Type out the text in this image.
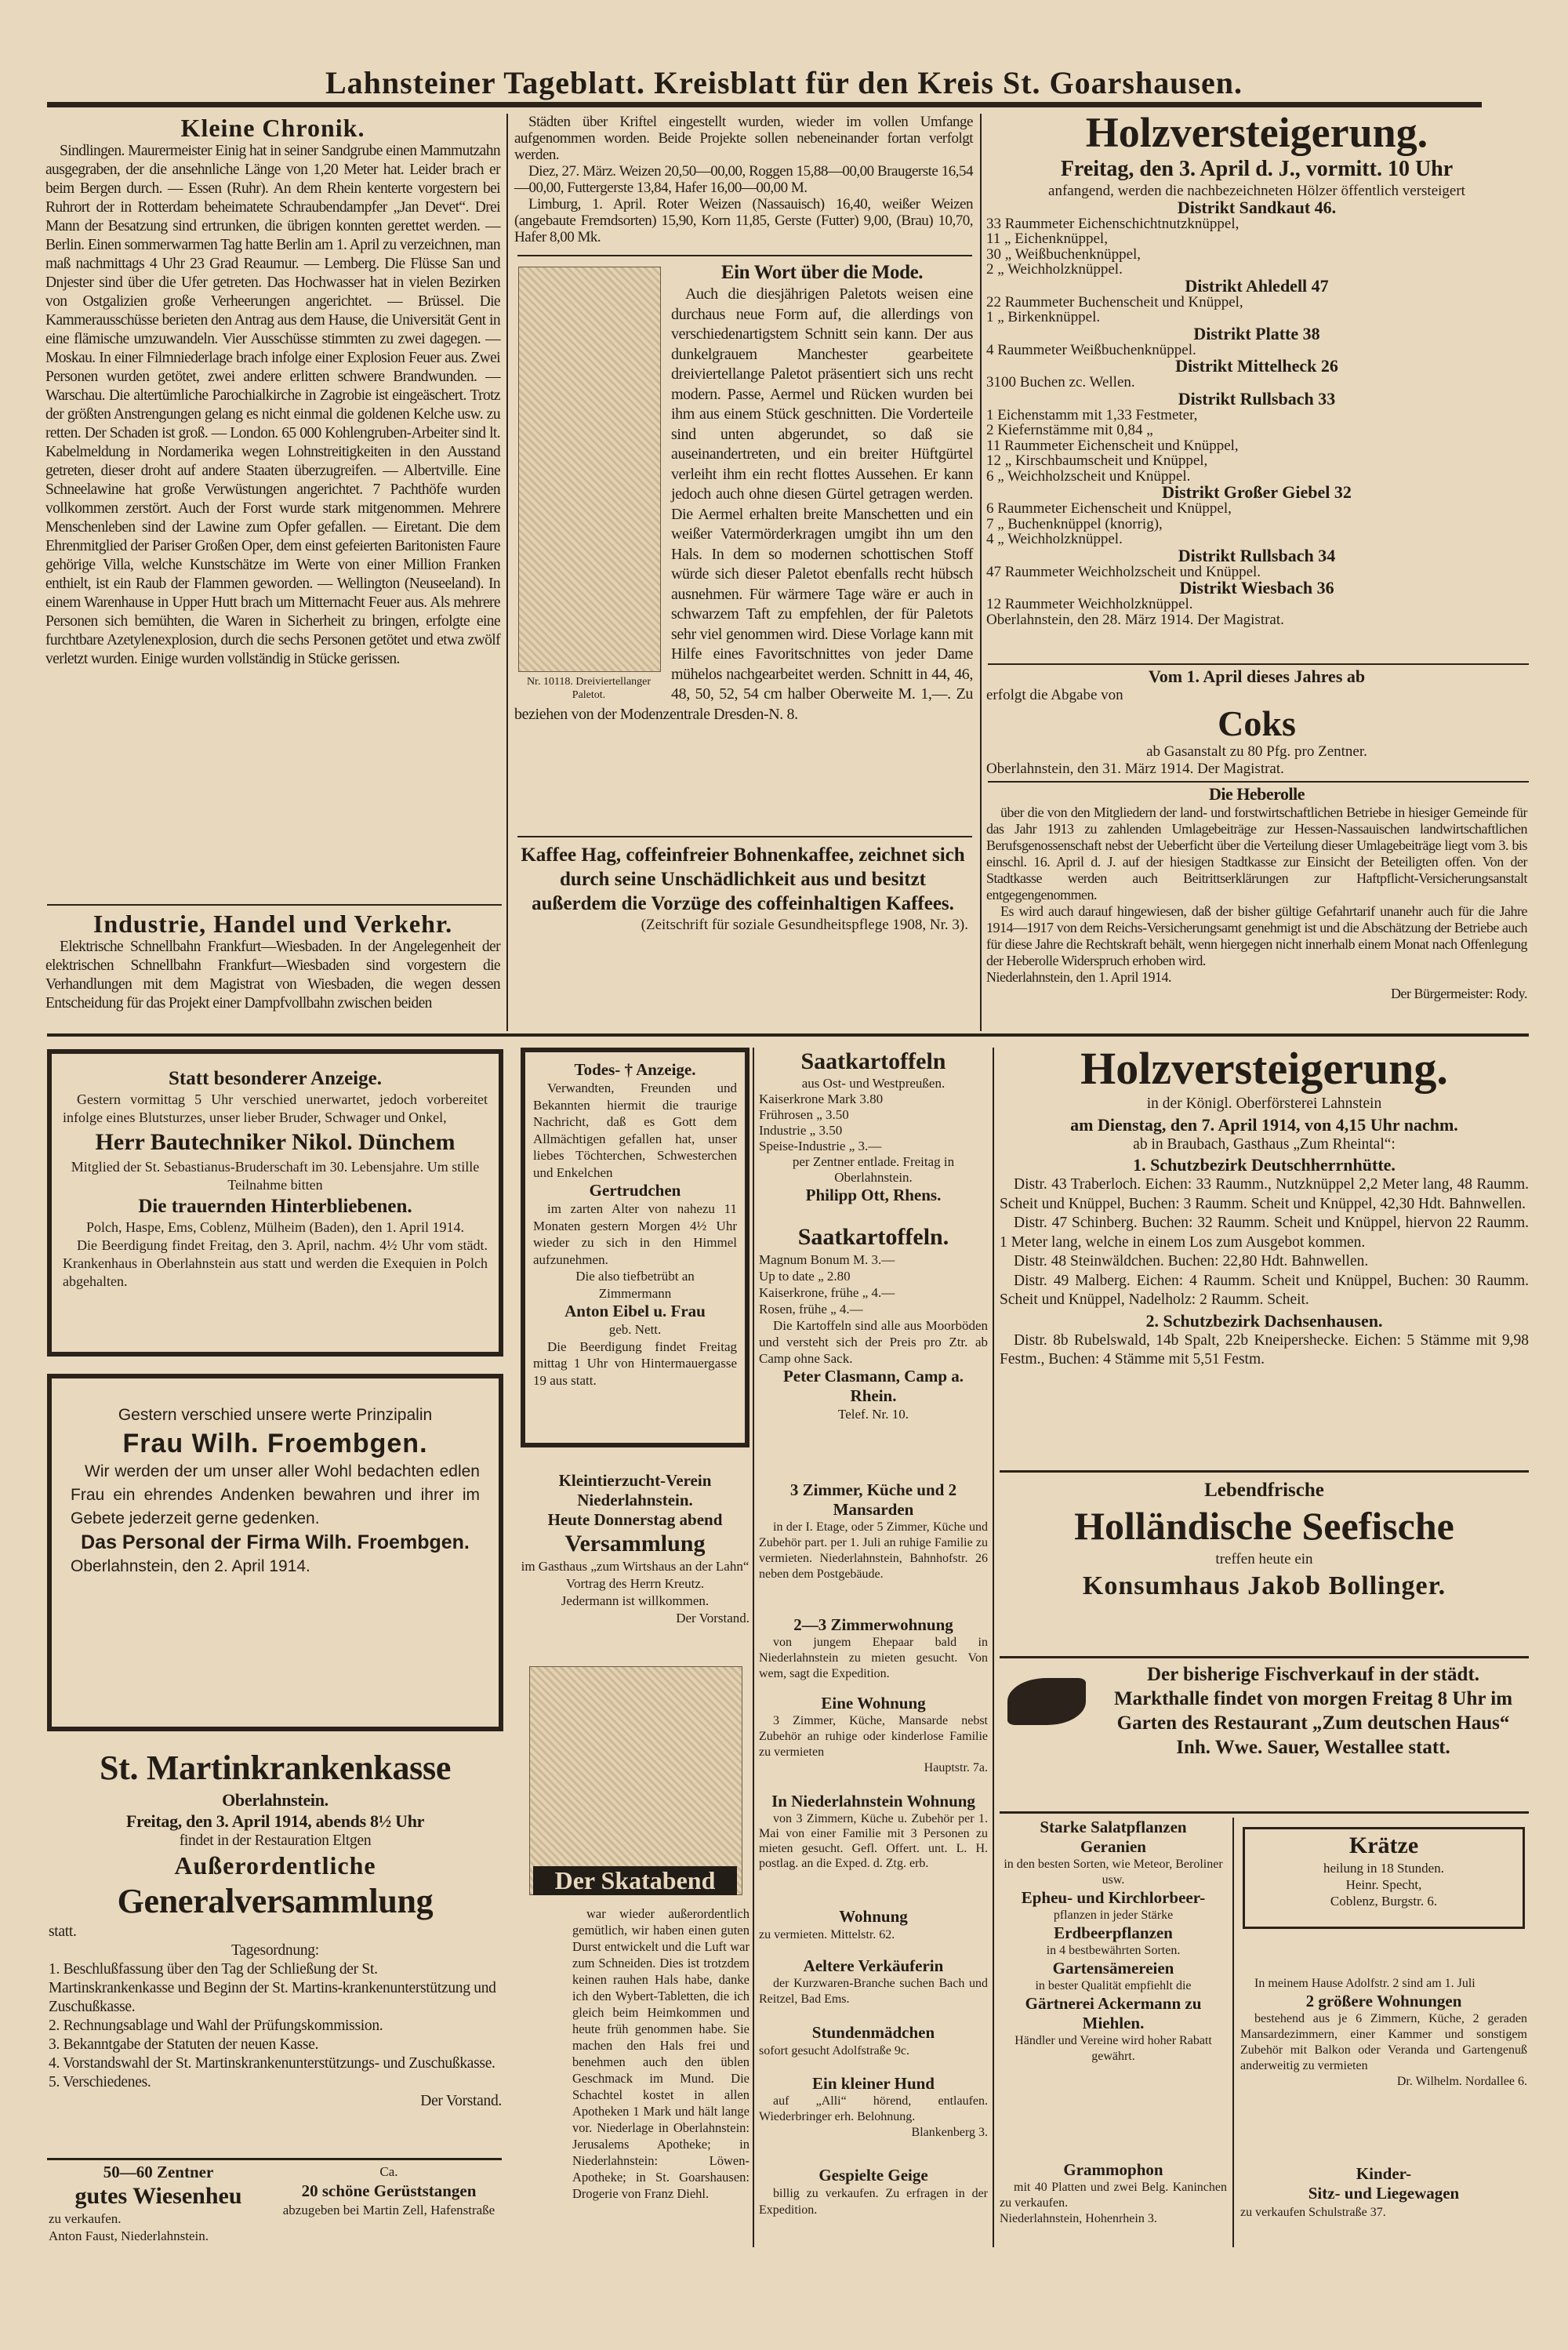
Lahnsteiner Tageblatt. Kreisblatt für den Kreis St. Goarshausen.

Kleine Chronik.

Sindlingen. Maurermeister Einig hat in seiner Sandgrube einen Mammutzahn ausgegraben, der die ansehnliche Länge von 1,20 Meter hat. Leider brach er beim Bergen durch. — Essen (Ruhr). An dem Rhein kenterte vorgestern bei Ruhrort der in Rotterdam beheimatete Schraubendampfer „Jan Devet“. Drei Mann der Besatzung sind ertrunken, die übrigen konnten gerettet werden. — Berlin. Einen sommerwarmen Tag hatte Berlin am 1. April zu verzeichnen, man maß nachmittags 4 Uhr 23 Grad Reaumur. — Lemberg. Die Flüsse San und Dnjester sind über die Ufer getreten. Das Hochwasser hat in vielen Bezirken von Ostgalizien große Verheerungen angerichtet. — Brüssel. Die Kammerausschüsse berieten den Antrag aus dem Hause, die Universität Gent in eine flämische umzuwandeln. Vier Ausschüsse stimmten zu zwei dagegen. — Moskau. In einer Filmniederlage brach infolge einer Explosion Feuer aus. Zwei Personen wurden getötet, zwei andere erlitten schwere Brandwunden. — Warschau. Die altertümliche Parochialkirche in Zagrobie ist eingeäschert. Trotz der größten Anstrengungen gelang es nicht einmal die goldenen Kelche usw. zu retten. Der Schaden ist groß. — London. 65 000 Kohlengruben-Arbeiter sind lt. Kabelmeldung in Nordamerika wegen Lohnstreitigkeiten in den Ausstand getreten, dieser droht auf andere Staaten überzugreifen. — Albertville. Eine Schneelawine hat große Verwüstungen angerichtet. 7 Pachthöfe wurden vollkommen zerstört. Auch der Forst wurde stark mitgenommen. Mehrere Menschenleben sind der Lawine zum Opfer gefallen. — Eiretant. Die dem Ehrenmitglied der Pariser Großen Oper, dem einst gefeierten Baritonisten Faure gehörige Villa, welche Kunstschätze im Werte von einer Million Franken enthielt, ist ein Raub der Flammen geworden. — Wellington (Neuseeland). In einem Warenhause in Upper Hutt brach um Mitternacht Feuer aus. Als mehrere Personen sich bemühten, die Waren in Sicherheit zu bringen, erfolgte eine furchtbare Azetylenexplosion, durch die sechs Personen getötet und etwa zwölf verletzt wurden. Einige wurden vollständig in Stücke gerissen.

Industrie, Handel und Verkehr.

Elektrische Schnellbahn Frankfurt—Wiesbaden. In der Angelegenheit der elektrischen Schnellbahn Frankfurt—Wiesbaden sind vorgestern die Verhandlungen mit dem Magistrat von Wiesbaden, die wegen dessen Entscheidung für das Projekt einer Dampfvollbahn zwischen beiden

Städten über Kriftel eingestellt wurden, wieder im vollen Umfange aufgenommen worden. Beide Projekte sollen nebeneinander fortan verfolgt werden.

Diez, 27. März. Weizen 20,50—00,00, Roggen 15,88—00,00 Braugerste 16,54—00,00, Futtergerste 13,84, Hafer 16,00—00,00 M.

Limburg, 1. April. Roter Weizen (Nassauisch) 16,40, weißer Weizen (angebaute Fremdsorten) 15,90, Korn 11,85, Gerste (Futter) 9,00, (Brau) 10,70, Hafer 8,00 Mk.

Nr. 10118. Dreiviertellanger Paletot.

Ein Wort über die Mode.

Auch die diesjährigen Paletots weisen eine durchaus neue Form auf, die allerdings von verschiedenartigstem Schnitt sein kann. Der aus dunkelgrauem Manchester gearbeitete dreiviertellange Paletot präsentiert sich uns recht modern. Passe, Aermel und Rücken wurden bei ihm aus einem Stück geschnitten. Die Vorderteile sind unten abgerundet, so daß sie auseinandertreten, und ein breiter Hüftgürtel verleiht ihm ein recht flottes Aussehen. Er kann jedoch auch ohne diesen Gürtel getragen werden. Die Aermel erhalten breite Manschetten und ein weißer Vatermörderkragen umgibt ihn um den Hals. In dem so modernen schottischen Stoff würde sich dieser Paletot ebenfalls recht hübsch ausnehmen. Für wärmere Tage wäre er auch in schwarzem Taft zu empfehlen, der für Paletots sehr viel genommen wird. Diese Vorlage kann mit Hilfe eines Favoritschnittes von jeder Dame mühelos nachgearbeitet werden. Schnitt in 44, 46, 48, 50, 52, 54 cm halber Oberweite M. 1,—. Zu beziehen von der Modenzentrale Dresden-N. 8.

Kaffee Hag, coffeinfreier Bohnenkaffee, zeichnet sich durch seine Unschädlichkeit aus und besitzt außerdem die Vorzüge des coffeinhaltigen Kaffees.

(Zeitschrift für soziale Gesundheitspflege 1908, Nr. 3).

Holzversteigerung.

Freitag, den 3. April d. J., vormitt. 10 Uhr

anfangend, werden die nachbezeichneten Hölzer öffentlich versteigert

Distrikt Sandkaut 46.

33 Raummeter Eichenschichtnutzknüppel,

11 „ Eichenknüppel,

30 „ Weißbuchenknüppel,

2 „ Weichholzknüppel.

Distrikt Ahledell 47

22 Raummeter Buchenscheit und Knüppel,

1 „ Birkenknüppel.

Distrikt Platte 38

4 Raummeter Weißbuchenknüppel.

Distrikt Mittelheck 26

3100 Buchen zc. Wellen.

Distrikt Rullsbach 33

1 Eichenstamm mit 1,33 Festmeter,

2 Kiefernstämme mit 0,84 „

11 Raummeter Eichenscheit und Knüppel,

12 „ Kirschbaumscheit und Knüppel,

6 „ Weichholzscheit und Knüppel.

Distrikt Großer Giebel 32

6 Raummeter Eichenscheit und Knüppel,

7 „ Buchenknüppel (knorrig),

4 „ Weichholzknüppel.

Distrikt Rullsbach 34

47 Raummeter Weichholzscheit und Knüppel.

Distrikt Wiesbach 36

12 Raummeter Weichholzknüppel.

Oberlahnstein, den 28. März 1914. Der Magistrat.

Vom 1. April dieses Jahres ab

erfolgt die Abgabe von

Coks

ab Gasanstalt zu 80 Pfg. pro Zentner.

Oberlahnstein, den 31. März 1914. Der Magistrat.

Die Heberolle

über die von den Mitgliedern der land- und forstwirtschaftlichen Betriebe in hiesiger Gemeinde für das Jahr 1913 zu zahlenden Umlagebeiträge zur Hessen-Nassauischen landwirtschaftlichen Berufsgenossenschaft nebst der Ueberficht über die Verteilung dieser Umlagebeiträge liegt vom 3. bis einschl. 16. April d. J. auf der hiesigen Stadtkasse zur Einsicht der Beteiligten offen. Von der Stadtkasse werden auch Beitrittserklärungen zur Haftpflicht-Versicherungsanstalt entgegengenommen.

Es wird auch darauf hingewiesen, daß der bisher gültige Gefahrtarif unanehr auch für die Jahre 1914—1917 von dem Reichs-Versicherungsamt genehmigt ist und die Abschätzung der Betriebe auch für diese Jahre die Rechtskraft behält, wenn hiergegen nicht innerhalb einem Monat nach Offenlegung der Heberolle Widerspruch erhoben wird.

Niederlahnstein, den 1. April 1914.

Der Bürgermeister: Rody.

Statt besonderer Anzeige.

Gestern vormittag 5 Uhr verschied unerwartet, jedoch vorbereitet infolge eines Blutsturzes, unser lieber Bruder, Schwager und Onkel,

Herr Bautechniker Nikol. Dünchem

Mitglied der St. Sebastianus-Bruderschaft im 30. Lebensjahre. Um stille Teilnahme bitten

Die trauernden Hinterbliebenen.

Polch, Haspe, Ems, Coblenz, Mülheim (Baden), den 1. April 1914.

Die Beerdigung findet Freitag, den 3. April, nachm. 4½ Uhr vom städt. Krankenhaus in Oberlahnstein aus statt und werden die Exequien in Polch abgehalten.

Gestern verschied unsere werte Prinzipalin

Frau Wilh. Froembgen.

Wir werden der um unser aller Wohl bedachten edlen Frau ein ehrendes Andenken bewahren und ihrer im Gebete jederzeit gerne gedenken.

Das Personal der Firma Wilh. Froembgen.

Oberlahnstein, den 2. April 1914.

St. Martinkrankenkasse

Oberlahnstein.

Freitag, den 3. April 1914, abends 8½ Uhr

findet in der Restauration Eltgen

Außerordentliche

Generalversammlung

statt.

Tagesordnung:

1. Beschlußfassung über den Tag der Schließung der St. Martinskrankenkasse und Beginn der St. Martins-krankenunterstützung und Zuschußkasse.

2. Rechnungsablage und Wahl der Prüfungskommission.

3. Bekanntgabe der Statuten der neuen Kasse.

4. Vorstandswahl der St. Martinskrankenunterstützungs- und Zuschußkasse.

5. Verschiedenes.

Der Vorstand.

50—60 Zentner

gutes Wiesenheu

zu verkaufen.

Anton Faust, Niederlahnstein.

Ca.

20 schöne Gerüststangen

abzugeben bei Martin Zell, Hafenstraße

Todes- † Anzeige.

Verwandten, Freunden und Bekannten hiermit die traurige Nachricht, daß es Gott dem Allmächtigen gefallen hat, unser liebes Töchterchen, Schwesterchen und Enkelchen

Gertrudchen

im zarten Alter von nahezu 11 Monaten gestern Morgen 4½ Uhr wieder zu sich in den Himmel aufzunehmen.

Die also tiefbetrübt an

Zimmermann

Anton Eibel u. Frau

geb. Nett.

Die Beerdigung findet Freitag mittag 1 Uhr von Hintermauergasse 19 aus statt.

Kleintierzucht-Verein Niederlahnstein.

Heute Donnerstag abend

Versammlung

im Gasthaus „zum Wirtshaus an der Lahn“

Vortrag des Herrn Kreutz.

Jedermann ist willkommen.

Der Vorstand.

Der Skatabend

war wieder außerordentlich gemütlich, wir haben einen guten Durst entwickelt und die Luft war zum Schneiden. Dies ist trotzdem keinen rauhen Hals habe, danke ich den Wybert-Tabletten, die ich gleich beim Heimkommen und heute früh genommen habe. Sie machen den Hals frei und benehmen auch den üblen Geschmack im Mund. Die Schachtel kostet in allen Apotheken 1 Mark und hält lange vor. Niederlage in Oberlahnstein: Jerusalems Apotheke; in Niederlahnstein: Löwen-Apotheke; in St. Goarshausen: Drogerie von Franz Diehl.

Saatkartoffeln

aus Ost- und Westpreußen.

Kaiserkrone Mark 3.80

Frührosen „ 3.50

Industrie „ 3.50

Speise-Industrie „ 3.—

per Zentner entlade. Freitag in Oberlahnstein.

Philipp Ott, Rhens.

Saatkartoffeln.

Magnum Bonum M. 3.—

Up to date „ 2.80

Kaiserkrone, frühe „ 4.—

Rosen, frühe „ 4.—

Die Kartoffeln sind alle aus Moorböden und versteht sich der Preis pro Ztr. ab Camp ohne Sack.

Peter Clasmann, Camp a. Rhein.

Telef. Nr. 10.

3 Zimmer, Küche und 2 Mansarden

in der I. Etage, oder 5 Zimmer, Küche und Zubehör part. per 1. Juli an ruhige Familie zu vermieten. Niederlahnstein, Bahnhofstr. 26 neben dem Postgebäude.

2—3 Zimmerwohnung

von jungem Ehepaar bald in Niederlahnstein zu mieten gesucht. Von wem, sagt die Expedition.

Eine Wohnung

3 Zimmer, Küche, Mansarde nebst Zubehör an ruhige oder kinderlose Familie zu vermieten

Hauptstr. 7a.

In Niederlahnstein Wohnung

von 3 Zimmern, Küche u. Zubehör per 1. Mai von einer Familie mit 3 Personen zu mieten gesucht. Gefl. Offert. unt. L. H. postlag. an die Exped. d. Ztg. erb.

Wohnung

zu vermieten. Mittelstr. 62.

Aeltere Verkäuferin

der Kurzwaren-Branche suchen Bach und Reitzel, Bad Ems.

Stundenmädchen

sofort gesucht Adolfstraße 9c.

Ein kleiner Hund

auf „Alli“ hörend, entlaufen. Wiederbringer erh. Belohnung.

Blankenberg 3.

Gespielte Geige

billig zu verkaufen. Zu erfragen in der Expedition.

Holzversteigerung.

in der Königl. Oberförsterei Lahnstein

am Dienstag, den 7. April 1914, von 4,15 Uhr nachm.

ab in Braubach, Gasthaus „Zum Rheintal“:

1. Schutzbezirk Deutschherrnhütte.

Distr. 43 Traberloch. Eichen: 33 Raumm., Nutzknüppel 2,2 Meter lang, 48 Raumm. Scheit und Knüppel, Buchen: 3 Raumm. Scheit und Knüppel, 42,30 Hdt. Bahnwellen.

Distr. 47 Schinberg. Buchen: 32 Raumm. Scheit und Knüppel, hiervon 22 Raumm. 1 Meter lang, welche in einem Los zum Ausgebot kommen.

Distr. 48 Steinwäldchen. Buchen: 22,80 Hdt. Bahnwellen.

Distr. 49 Malberg. Eichen: 4 Raumm. Scheit und Knüppel, Buchen: 30 Raumm. Scheit und Knüppel, Nadelholz: 2 Raumm. Scheit.

2. Schutzbezirk Dachsenhausen.

Distr. 8b Rubelswald, 14b Spalt, 22b Kneipershecke. Eichen: 5 Stämme mit 9,98 Festm., Buchen: 4 Stämme mit 5,51 Festm.

Lebendfrische

Holländische Seefische

treffen heute ein

Konsumhaus Jakob Bollinger.

Der bisherige Fischverkauf in der städt. Markthalle findet von morgen Freitag 8 Uhr im Garten des Restaurant „Zum deutschen Haus“ Inh. Wwe. Sauer, Westallee statt.

Starke Salatpflanzen

Geranien

in den besten Sorten, wie Meteor, Beroliner usw.

Epheu- und Kirchlorbeer-

pflanzen in jeder Stärke

Erdbeerpflanzen

in 4 bestbewährten Sorten.

Gartensämereien

in bester Qualität empfiehlt die

Gärtnerei Ackermann zu Miehlen.

Händler und Vereine wird hoher Rabatt gewährt.

Grammophon

mit 40 Platten und zwei Belg. Kaninchen zu verkaufen.

Niederlahnstein, Hohenrhein 3.

Krätze

heilung in 18 Stunden.

Heinr. Specht,

Coblenz, Burgstr. 6.

In meinem Hause Adolfstr. 2 sind am 1. Juli

2 größere Wohnungen

bestehend aus je 6 Zimmern, Küche, 2 geraden Mansardezimmern, einer Kammer und sonstigem Zubehör mit Balkon oder Veranda und Gartengenuß anderweitig zu vermieten

Dr. Wilhelm. Nordallee 6.

Kinder-

Sitz- und Liegewagen

zu verkaufen Schulstraße 37.
